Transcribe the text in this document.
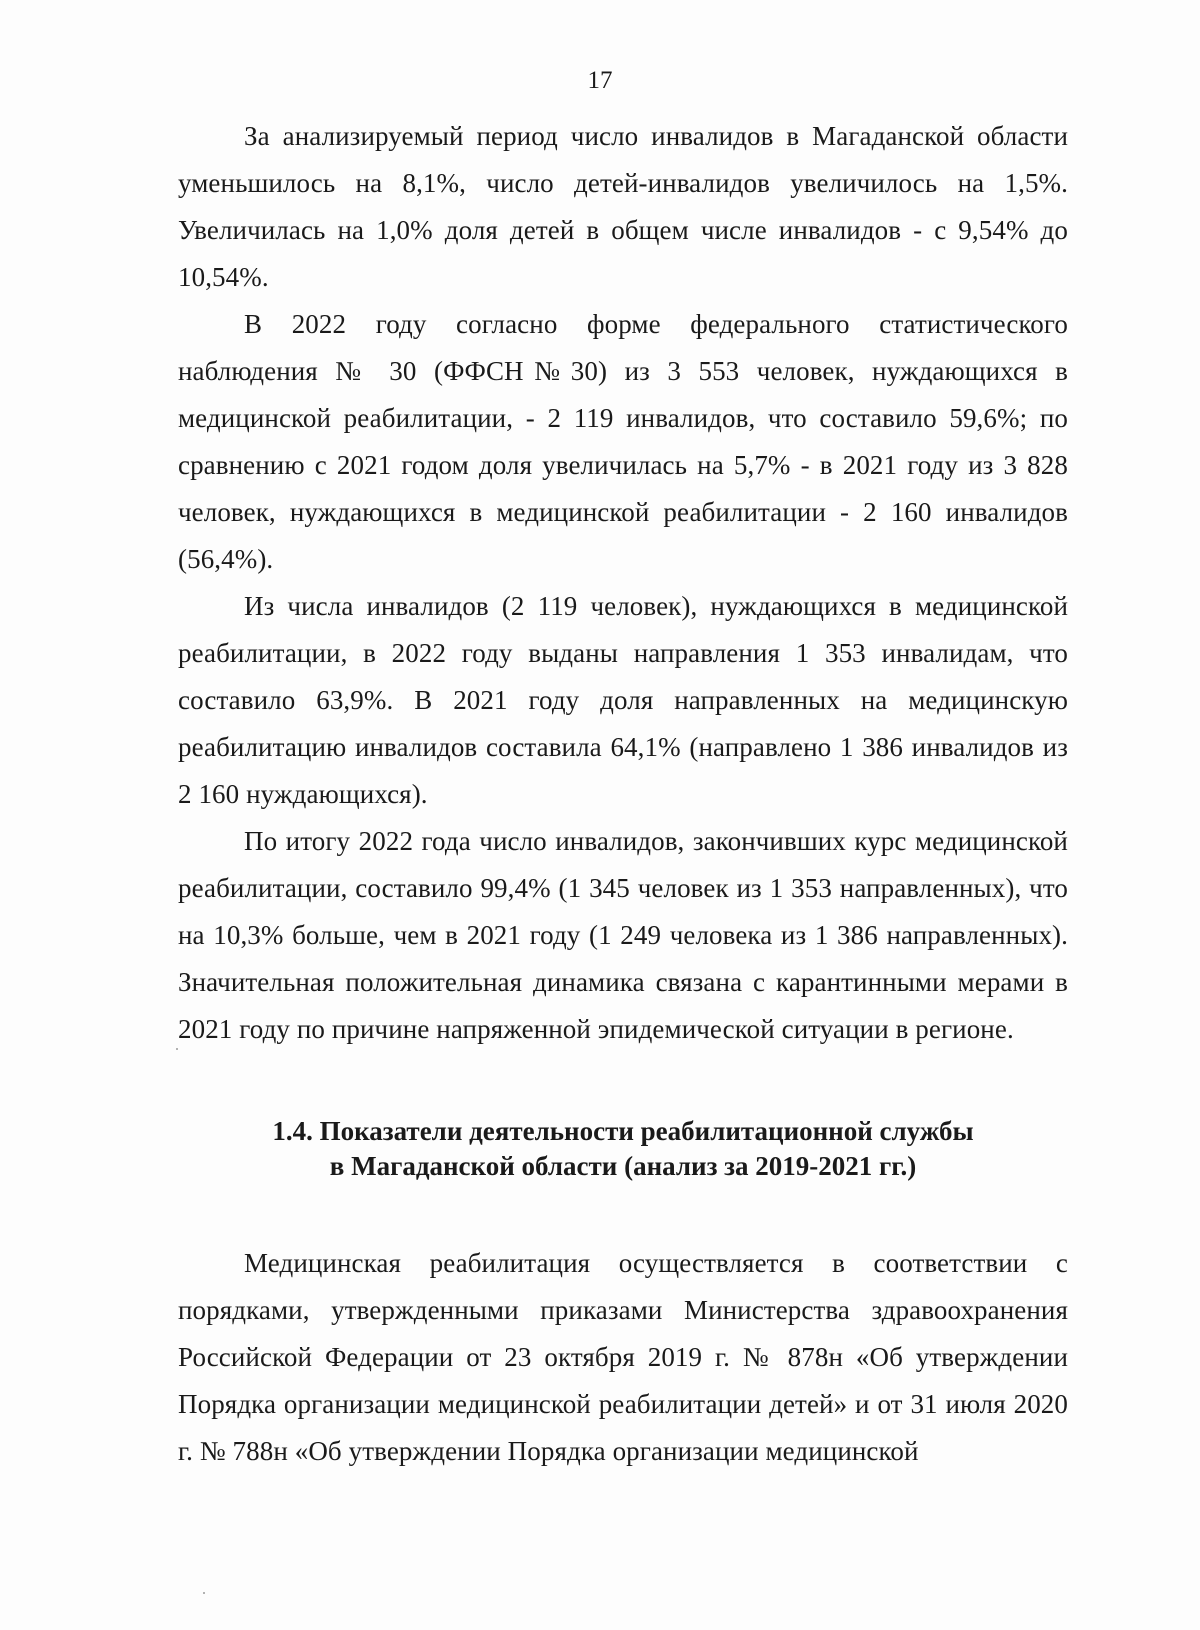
17

За анализируемый период число инвалидов в Магаданской области уменьшилось на 8,1%, число детей-инвалидов увеличилось на 1,5%. Увеличилась на 1,0% доля детей в общем числе инвалидов - с 9,54% до 10,54%.

В 2022 году согласно форме федерального статистического наблюдения № 30 (ФФСН№30) из 3 553 человек, нуждающихся в медицинской реабилитации, - 2 119 инвалидов, что составило 59,6%; по сравнению с 2021 годом доля увеличилась на 5,7% - в 2021 году из 3 828 человек, нуждающихся в медицинской реабилитации - 2 160 инвалидов (56,4%).

Из числа инвалидов (2 119 человек), нуждающихся в медицинской реабилитации, в 2022 году выданы направления 1 353 инвалидам, что составило 63,9%. В 2021 году доля направленных на медицинскую реабилитацию инвалидов составила 64,1% (направлено 1 386 инвалидов из 2 160 нуждающихся).

По итогу 2022 года число инвалидов, закончивших курс медицинской реабилитации, составило 99,4% (1 345 человек из 1 353 направленных), что на 10,3% больше, чем в 2021 году (1 249 человека из 1 386 направленных). Значительная положительная динамика связана с карантинными мерами в 2021 году по причине напряженной эпидемической ситуации в регионе.

1.4. Показатели деятельности реабилитационной службы
в Магаданской области (анализ за 2019-2021 гг.)

Медицинская реабилитация осуществляется в соответствии с порядками, утвержденными приказами Министерства здравоохранения Российской Федерации от 23 октября 2019 г. № 878н «Об утверждении Порядка организации медицинской реабилитации детей» и от 31 июля 2020 г. № 788н «Об утверждении Порядка организации медицинской
